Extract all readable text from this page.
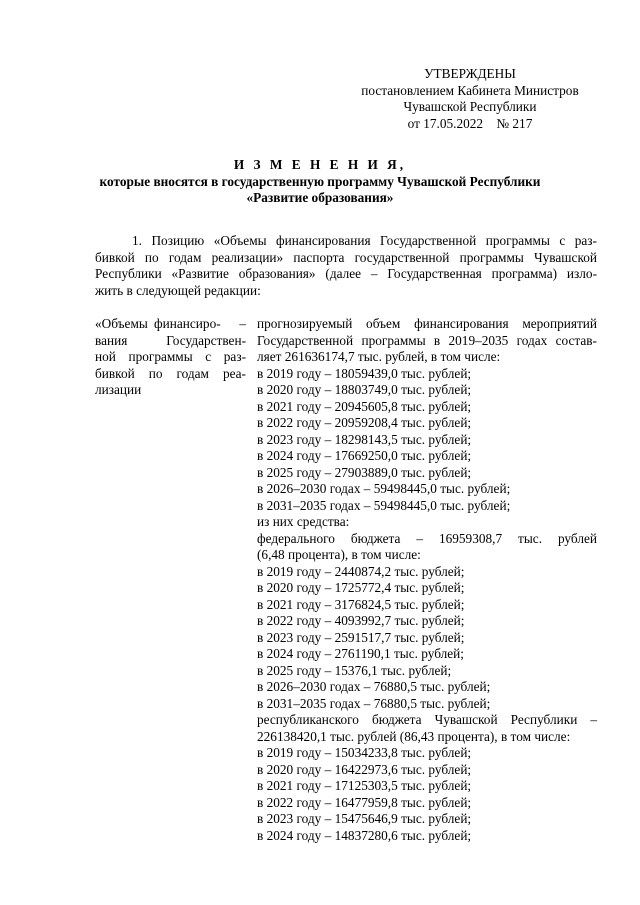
УТВЕРЖДЕНЫ
постановлением Кабинета Министров
Чувашской Республики
от 17.05.2022    № 217
И З М Е Н Е Н И Я,
которые вносятся в государственную программу Чувашской Республики
«Развитие образования»
1. Позицию «Объемы финансирования Государственной программы с раз-
бивкой по годам реализации» паспорта государственной программы Чувашской
Республики «Развитие образования» (далее – Государственная программа) изло-
жить в следующей редакции:
«Объемы финансиро-   –
вания Государствен-
ной программы с раз-
бивкой по годам реа-
лизации
прогнозируемый объем финансирования мероприятий
Государственной программы в 2019–2035 годах состав-
ляет 261636174,7 тыс. рублей, в том числе:
в 2019 году – 18059439,0 тыс. рублей;
в 2020 году – 18803749,0 тыс. рублей;
в 2021 году – 20945605,8 тыс. рублей;
в 2022 году – 20959208,4 тыс. рублей;
в 2023 году – 18298143,5 тыс. рублей;
в 2024 году – 17669250,0 тыс. рублей;
в 2025 году – 27903889,0 тыс. рублей;
в 2026–2030 годах – 59498445,0 тыс. рублей;
в 2031–2035 годах – 59498445,0 тыс. рублей;
из них средства:
федерального бюджета – 16959308,7 тыс. рублей
(6,48 процента), в том числе:
в 2019 году – 2440874,2 тыс. рублей;
в 2020 году – 1725772,4 тыс. рублей;
в 2021 году – 3176824,5 тыс. рублей;
в 2022 году – 4093992,7 тыс. рублей;
в 2023 году – 2591517,7 тыс. рублей;
в 2024 году – 2761190,1 тыс. рублей;
в 2025 году – 15376,1 тыс. рублей;
в 2026–2030 годах – 76880,5 тыс. рублей;
в 2031–2035 годах – 76880,5 тыс. рублей;
республиканского бюджета Чувашской Республики –
226138420,1 тыс. рублей (86,43 процента), в том числе:
в 2019 году – 15034233,8 тыс. рублей;
в 2020 году – 16422973,6 тыс. рублей;
в 2021 году – 17125303,5 тыс. рублей;
в 2022 году – 16477959,8 тыс. рублей;
в 2023 году – 15475646,9 тыс. рублей;
в 2024 году – 14837280,6 тыс. рублей;
